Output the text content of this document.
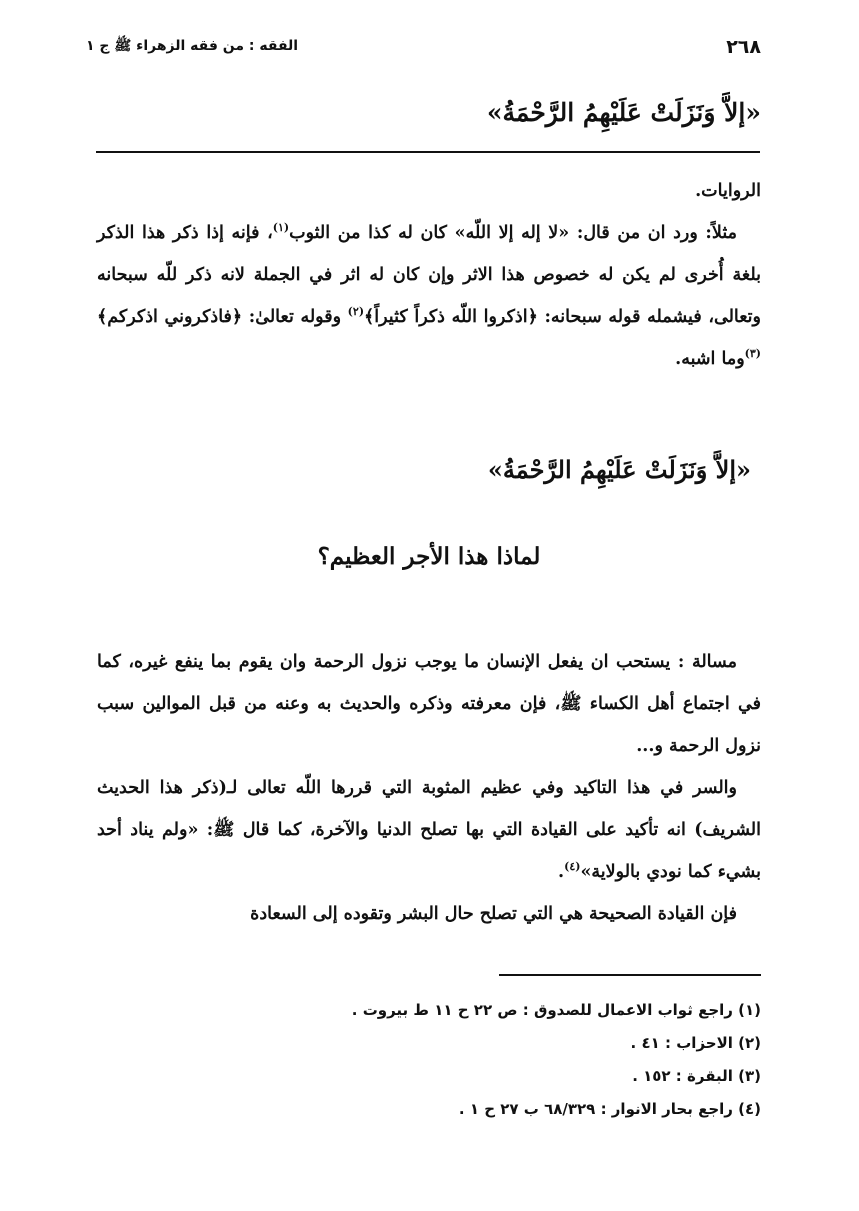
٢٦٨
الفقه : من فقه الزهراء ﷺ ج ١
«إلاَّ وَنَزَلَتْ عَلَيْهِمُ الرَّحْمَةُ»

الروايات.

مثلاً: ورد ان من قال: «لا إله إلا اللّه» كان له كذا من الثوب$^{(١)}$، فإنه إذا ذكر هذا الذكر بلغة أُخرى لم يكن له خصوص هذا الاثر وإن كان له اثر في الجملة لانه ذكر للّه سبحانه وتعالى، فيشمله قوله سبحانه: ﴿اذكروا اللّه ذكراً كثيراً﴾$^{(٢)}$ وقوله تعالىٰ: ﴿فاذكروني اذكركم﴾$^{(٣)}$وما اشبه.

«إلاَّ وَنَزَلَتْ عَلَيْهِمُ الرَّحْمَةُ»
لماذا هذا الأجر العظيم؟

مسالة : يستحب ان يفعل الإنسان ما يوجب نزول الرحمة وان يقوم بما ينفع غيره، كما في اجتماع أهل الكساء ﷺ، فإن معرفته وذكره والحديث به وعنه من قبل الموالين سبب نزول الرحمة و...

والسر في هذا التاكيد وفي عظيم المثوبة التي قررها اللّه تعالى لـ(ذكر هذا الحديث الشريف) انه تأكيد على القيادة التي بها تصلح الدنيا والآخرة، كما قال ﷺ: «ولم يناد أحد بشيء كما نودي بالولاية»$^{(٤)}$.

فإن القيادة الصحيحة هي التي تصلح حال البشر وتقوده إلى السعادة

(١) راجع ثواب الاعمال للصدوق : ص ٢٢ ح ١١ ط بيروت .

(٢) الاحزاب : ٤١ .

(٣) البقرة : ١٥٢ .

(٤) راجع بحار الانوار : ٦٨/٣٢٩ ب ٢٧ ح ١ .
